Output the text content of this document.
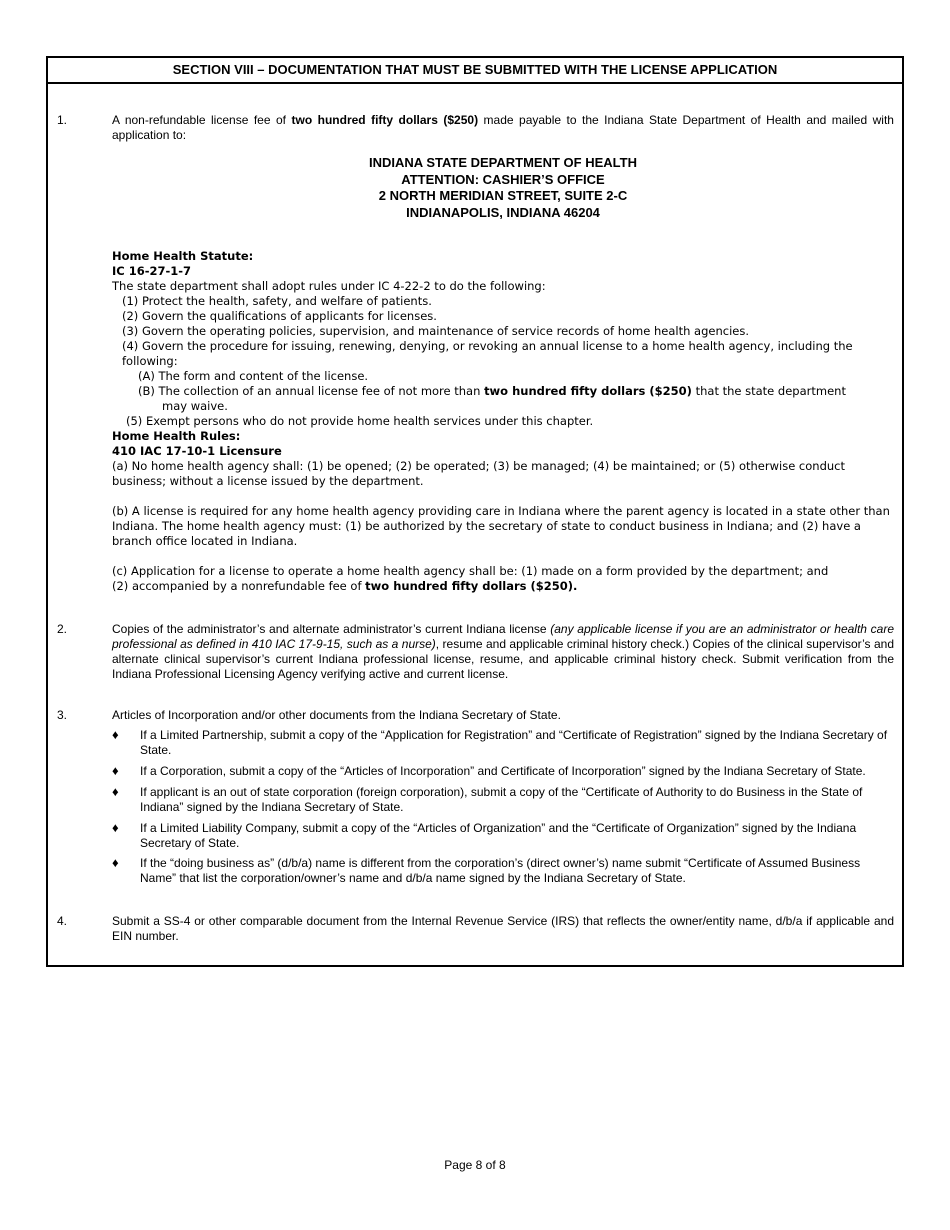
SECTION VIII – DOCUMENTATION THAT MUST BE SUBMITTED WITH THE LICENSE APPLICATION
1.	A non-refundable license fee of two hundred fifty dollars ($250) made payable to the Indiana State Department of Health and mailed with application to:

INDIANA STATE DEPARTMENT OF HEALTH
ATTENTION: CASHIER’S OFFICE
2 NORTH MERIDIAN STREET, SUITE 2-C
INDIANAPOLIS, INDIANA 46204
Home Health Statute:
IC 16-27-1-7
The state department shall adopt rules under IC 4-22-2 to do the following:
(1) Protect the health, safety, and welfare of patients.
(2) Govern the qualifications of applicants for licenses.
(3) Govern the operating policies, supervision, and maintenance of service records of home health agencies.
(4) Govern the procedure for issuing, renewing, denying, or revoking an annual license to a home health agency, including the following:
(A) The form and content of the license.
(B) The collection of an annual license fee of not more than two hundred fifty dollars ($250) that the state department
may waive.
(5) Exempt persons who do not provide home health services under this chapter.
Home Health Rules:
410 IAC 17-10-1 Licensure

(a) No home health agency shall: (1) be opened; (2) be operated; (3) be managed; (4) be maintained; or (5) otherwise conduct business; without a license issued by the department.

(b) A license is required for any home health agency providing care in Indiana where the parent agency is located in a state other than Indiana. The home health agency must: (1) be authorized by the secretary of state to conduct business in Indiana; and (2) have a branch office located in Indiana.

(c) Application for a license to operate a home health agency shall be: (1) made on a form provided by the department; and

(2) accompanied by a nonrefundable fee of two hundred fifty dollars ($250).

2.	Copies of the administrator’s and alternate administrator’s current Indiana license (any applicable license if you are an administrator or health care professional as defined in 410 IAC 17-9-15, such as a nurse), resume and applicable criminal history check.) Copies of the clinical supervisor’s and alternate clinical supervisor’s current Indiana professional license, resume, and applicable criminal history check. Submit verification from the Indiana Professional Licensing Agency verifying active and current license.

3.	Articles of Incorporation and/or other documents from the Indiana Secretary of State.

♦ If a Limited Partnership, submit a copy of the “Application for Registration” and “Certificate of Registration” signed by the Indiana Secretary of State.
♦ If a Corporation, submit a copy of the “Articles of Incorporation” and Certificate of Incorporation” signed by the Indiana Secretary of State.
♦ If applicant is an out of state corporation (foreign corporation), submit a copy of the “Certificate of Authority to do Business in the State of Indiana” signed by the Indiana Secretary of State.
♦ If a Limited Liability Company, submit a copy of the “Articles of Organization” and the “Certificate of Organization” signed by the Indiana Secretary of State.
♦ If the “doing business as” (d/b/a) name is different from the corporation’s (direct owner’s) name submit “Certificate of Assumed Business Name” that list the corporation/owner’s name and d/b/a name signed by the Indiana Secretary of State.
4.	Submit a SS-4 or other comparable document from the Internal Revenue Service (IRS) that reflects the owner/entity name, d/b/a if applicable and EIN number.

Page 8 of 8
